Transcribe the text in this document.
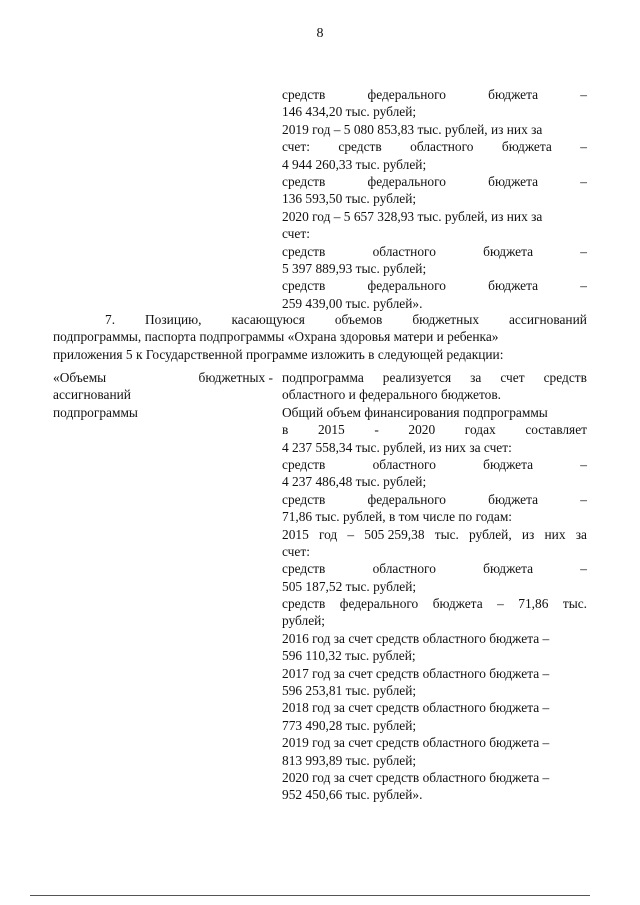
8
средств	федерального	бюджета	–
146 434,20 тыс. рублей;
2019 год – 5 080 853,83 тыс. рублей, из них за
счет: средств областного бюджета –
4 944 260,33 тыс. рублей;
средств	федерального	бюджета	–
136 593,50 тыс. рублей;
2020 год – 5 657 328,93 тыс. рублей, из них за
счет:
средств	областного	бюджета	–
5 397 889,93 тыс. рублей;
средств	федерального	бюджета	–
259 439,00 тыс. рублей».
7. Позицию, касающуюся объемов бюджетных ассигнований
подпрограммы, паспорта подпрограммы «Охрана здоровья матери и ребенка»
приложения 5 к Государственной программе изложить в следующей редакции:
«Объемы	бюджетных -
ассигнований
подпрограммы
подпрограмма реализуется за счет средств
областного и федерального бюджетов.
Общий объем финансирования подпрограммы
в 2015 - 2020 годах составляет
4 237 558,34 тыс. рублей, из них за счет:
средств	областного	бюджета	–
4 237 486,48 тыс. рублей;
средств	федерального	бюджета	–
71,86 тыс. рублей, в том числе по годам:
2015 год – 505 259,38 тыс. рублей, из них за
счет:
средств	областного	бюджета	–
505 187,52 тыс. рублей;
средств федерального бюджета – 71,86 тыс.
рублей;
2016 год за счет средств областного бюджета –
596 110,32 тыс. рублей;
2017 год за счет средств областного бюджета –
596 253,81 тыс. рублей;
2018 год за счет средств областного бюджета –
773 490,28 тыс. рублей;
2019 год за счет средств областного бюджета –
813 993,89 тыс. рублей;
2020 год за счет средств областного бюджета –
952 450,66 тыс. рублей».
